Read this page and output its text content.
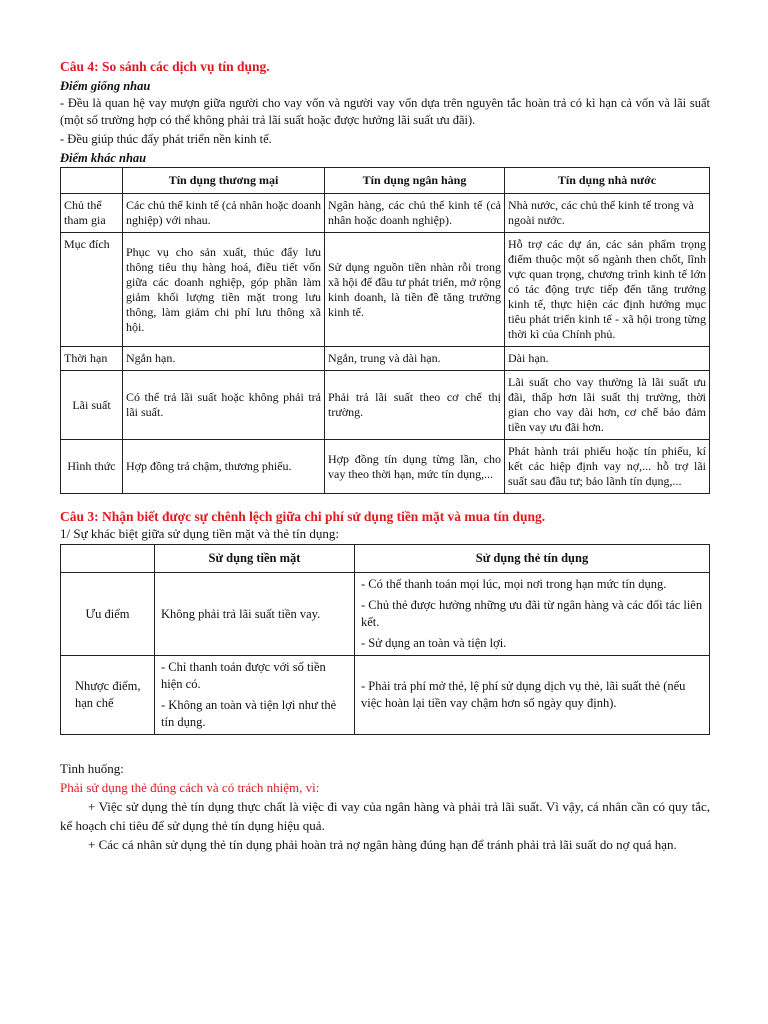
Câu 4: So sánh các dịch vụ tín dụng.

Điểm giống nhau

- Đều là quan hệ vay mượn giữa người cho vay vốn và người vay vốn dựa trên nguyên tắc hoàn trả có kì hạn cả vốn và lãi suất (một số trường hợp có thể không phải trả lãi suất hoặc được hưởng lãi suất ưu đãi).

- Đều giúp thúc đẩy phát triển nền kinh tế.

Điểm khác nhau

	Tín dụng thương mại	Tín dụng ngân hàng	Tín dụng nhà nước
Chủ thể tham gia	Các chủ thể kinh tế (cả nhân hoặc doanh nghiệp) với nhau.	Ngân hàng, các chủ thể kinh tế (cả nhân hoặc doanh nghiệp).	Nhà nước, các chủ thể kinh tế trong và ngoài nước.
Mục đích	Phục vụ cho sản xuất, thúc đẩy lưu thông tiêu thụ hàng hoá, điều tiết vốn giữa các doanh nghiệp, góp phần làm giảm khối lượng tiền mặt trong lưu thông, làm giảm chi phí lưu thông xã hội.	Sử dụng nguồn tiền nhàn rỗi trong xã hội để đầu tư phát triển, mở rộng kinh doanh, là tiền đề tăng trưởng kinh tế.	Hỗ trợ các dự án, các sản phẩm trọng điểm thuộc một số ngành then chốt, lĩnh vực quan trọng, chương trình kinh tế lớn có tác động trực tiếp đến tăng trưởng kinh tế, thực hiện các định hướng mục tiêu phát triển kinh tế - xã hội trong từng thời kì của Chính phủ.
Thời hạn	Ngắn hạn.	Ngắn, trung và dài hạn.	Dài hạn.
Lãi suất	Có thể trả lãi suất hoặc không phải trả lãi suất.	Phải trả lãi suất theo cơ chế thị trường.	Lãi suất cho vay thường là lãi suất ưu đãi, thấp hơn lãi suất thị trường, thời gian cho vay dài hơn, cơ chế bảo đảm tiền vay ưu đãi hơn.
Hình thức	Hợp đồng trả chậm, thương phiếu.	Hợp đồng tín dụng từng lần, cho vay theo thời hạn, mức tín dụng,...	Phát hành trái phiếu hoặc tín phiếu, kí kết các hiệp định vay nợ,... hỗ trợ lãi suất sau đầu tư; bảo lãnh tín dụng,...

Câu 3: Nhận biết được sự chênh lệch giữa chi phí sử dụng tiền mặt và mua tín dụng.

1/ Sự khác biệt giữa sử dụng tiền mặt và thẻ tín dụng:

	Sử dụng tiền mặt	Sử dụng thẻ tín dụng
Ưu điểm	Không phải trả lãi suất tiền vay.	- Có thể thanh toán mọi lúc, mọi nơi trong hạn mức tín dụng.
- Chủ thẻ được hưởng những ưu đãi từ ngân hàng và các đối tác liên kết.
- Sử dụng an toàn và tiện lợi.

Nhược điểm, hạn chế	- Chỉ thanh toán được với số tiền hiện có.
- Không an toàn và tiện lợi như thẻ tín dụng.	- Phải trả phí mở thẻ, lệ phí sử dụng dịch vụ thẻ, lãi suất thẻ (nếu việc hoàn lại tiền vay chậm hơn số ngày quy định).

Tình huống:

Phải sử dụng thẻ đúng cách và có trách nhiệm, vì:

+ Việc sử dụng thẻ tín dụng thực chất là việc đi vay của ngân hàng và phải trả lãi suất. Vì vậy, cá nhân cần có quy tắc, kế hoạch chi tiêu để sử dụng thẻ tín dụng hiệu quả.

+ Các cá nhân sử dụng thẻ tín dụng phải hoàn trả nợ ngân hàng đúng hạn để tránh phải trả lãi suất do nợ quá hạn.
